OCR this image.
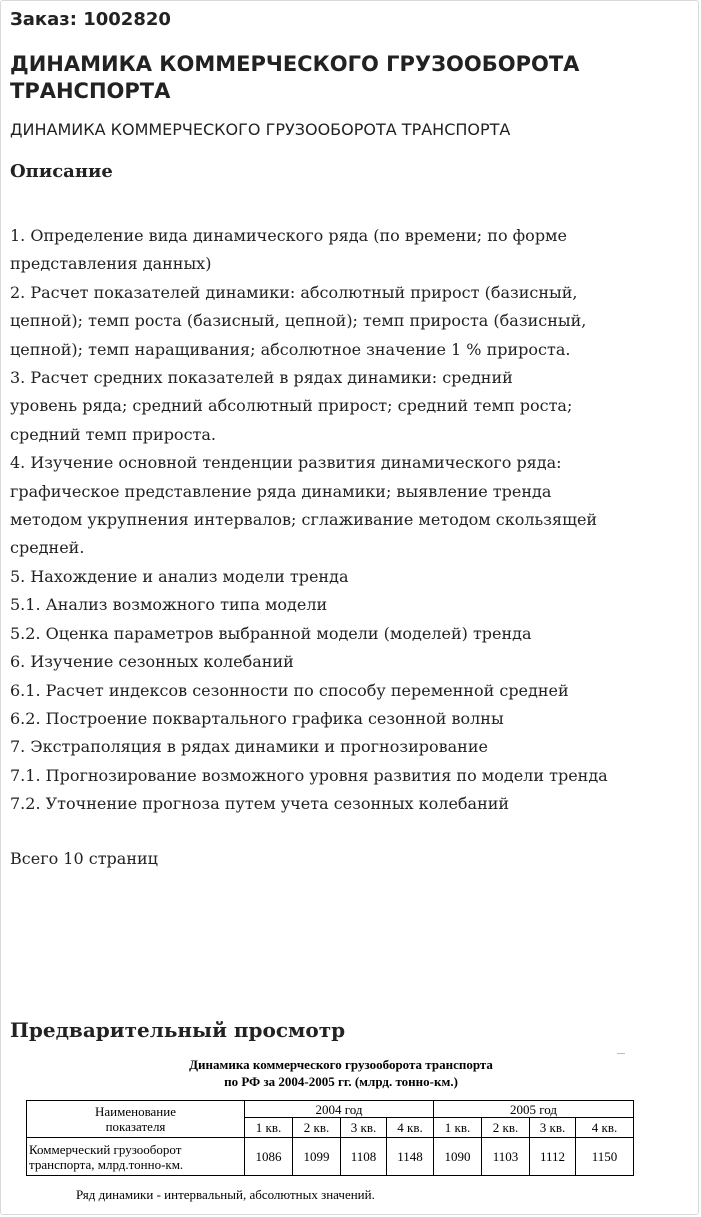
Заказ: 1002820
ДИНАМИКА КОММЕРЧЕСКОГО ГРУЗООБОРОТА ТРАНСПОРТА
ДИНАМИКА КОММЕРЧЕСКОГО ГРУЗООБОРОТА ТРАНСПОРТА
Описание
1. Определение вида динамического ряда (по времени; по форме
представления данных)
2. Расчет показателей динамики: абсолютный прирост (базисный,
цепной); темп роста (базисный, цепной); темп прироста (базисный,
цепной); темп наращивания; абсолютное значение 1 % прироста.
3. Расчет средних показателей в рядах динамики: средний
уровень ряда; средний абсолютный прирост; средний темп роста;
средний темп прироста.
4. Изучение основной тенденции развития динамического ряда:
графическое представление ряда динамики; выявление тренда
методом укрупнения интервалов; сглаживание методом скользящей
средней.
5. Нахождение и анализ модели тренда
5.1. Анализ возможного типа модели
5.2. Оценка параметров выбранной модели (моделей) тренда
6. Изучение сезонных колебаний
6.1. Расчет индексов сезонности по способу переменной средней
6.2. Построение поквартального графика сезонной волны
7. Экстраполяция в рядах динамики и прогнозирование
7.1. Прогнозирование возможного уровня развития по модели тренда
7.2. Уточнение прогноза путем учета сезонных колебаний
Всего 10 страниц
Предварительный просмотр
Динамика коммерческого грузооборота транспорта
по РФ за 2004-2005 гг. (млрд. тонно-км.)
Наименование
показателя	2004 год				2005 год			
	1 кв.	2 кв.	3 кв.	4 кв.	1 кв.	2 кв.	3 кв.	4 кв.

Коммерческий грузооборот
транспорта, млрд.тонно-км.	1086	1099	1108	1148	1090	1103	1112	1150
Ряд динамики - интервальный, абсолютных значений.
